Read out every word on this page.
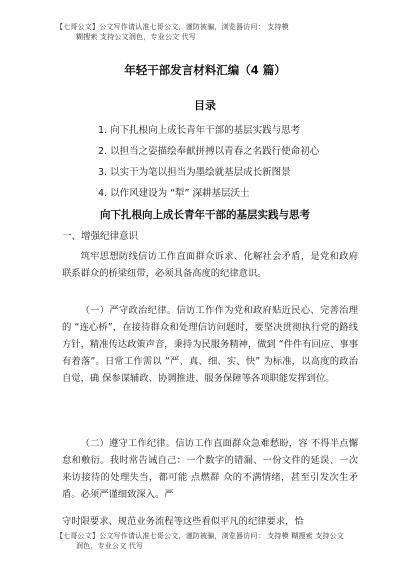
【七哥公文】公文写作请认准七哥公文，谨防被骗，浏览器访问： 支持模
糊搜索 支持公文润色，专业公文 代写
年轻干部发言材料汇编（4 篇）
目录
1. 向下扎根向上成长青年干部的基层实践与思考
2. 以担当之姿描绘奉献拼搏以青春之名践行使命初心
3. 以实干为笔以担当为墨绘就基层成长新图景
4. 以作风建设为 “犁” 深耕基层沃土
向下扎根向上成长青年干部的基层实践与思考
一、增强纪律意识

筑牢思想防线信访工作直面群众诉求、化解社会矛盾，是党和政府联系群众的桥梁纽带，必须具备高度的纪律意识。

（一）严守政治纪律。信访工作作为党和政府贴近民心、完善治理的 “连心桥”，在接待群众和处理信访问题时，要坚决贯彻执行党的路线方针，精准传达政策声音，秉持为民服务精神，做到 “件件有回应、事事有着落”。日常工作需以 “严、真、细、实、快” 为标准，以高度的政治自觉，确 保参谋辅政、协调推进、服务保障等各项职能发挥到位。

（二）遵守工作纪律。信访工作直面群众急难愁盼，容 不得半点懈怠和敷衍。我时常告诫自己：一个数字的错漏、一份文件的延误、一次来访接待的处理失当，都可能 点燃群 众的不满情绪，甚至引发次生矛盾。必须严谨细致深入。严

守时限要求、规范业务流程等这些看似平凡的纪律要求，恰

【七哥公文】公文写作请认准七哥公文，谨防被骗，浏览器访问： 支持模 糊搜索 支持公文
润色，专业公文 代写
